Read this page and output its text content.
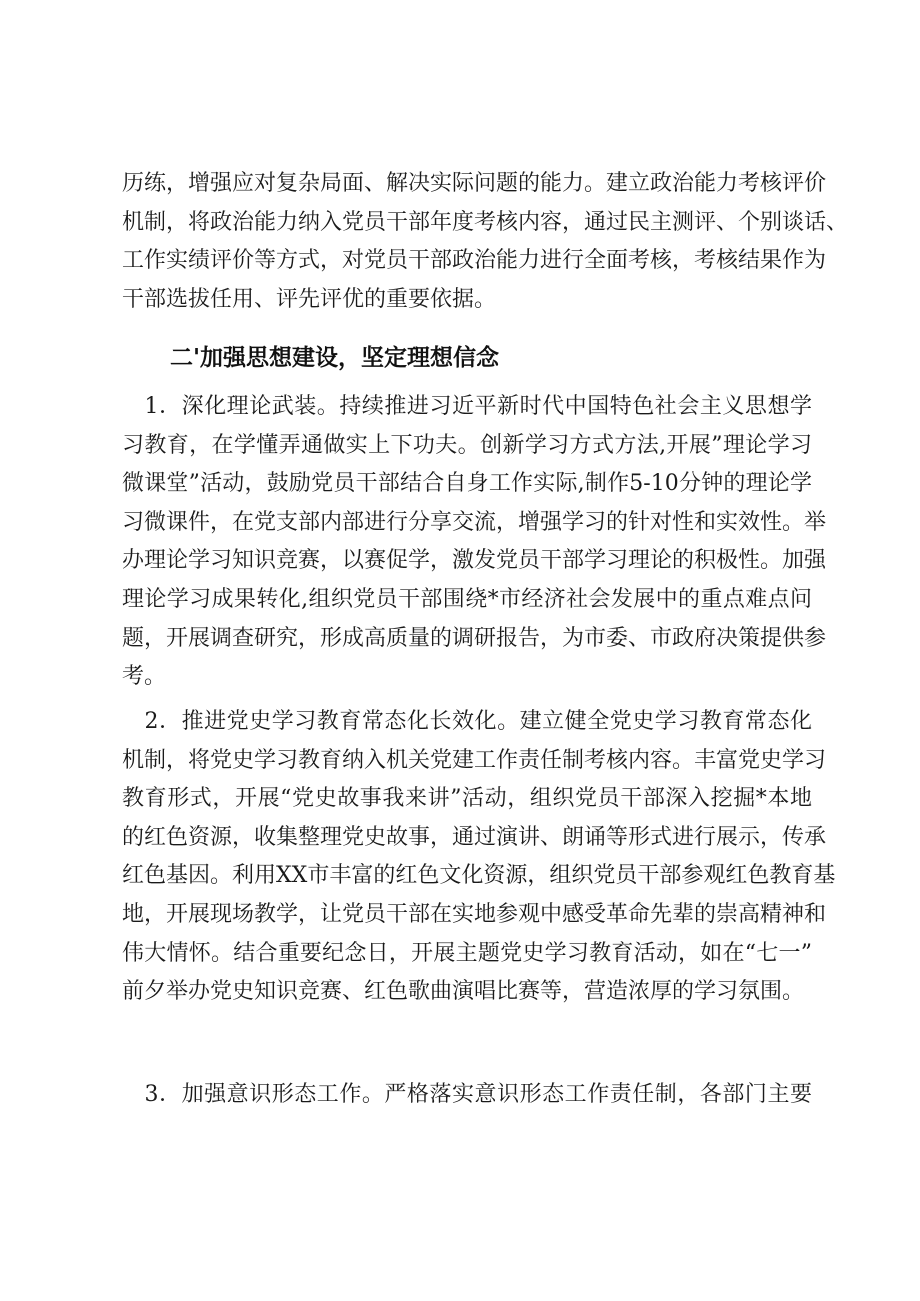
历练，增强应对复杂局面、解决实际问题的能力。建立政治能力考核评价
机制，将政治能力纳入党员干部年度考核内容，通过民主测评、个别谈话、
工作实绩评价等方式，对党员干部政治能力进行全面考核，考核结果作为
干部选拔任用、评先评优的重要依据。
二'加强思想建设，坚定理想信念
　1．深化理论武装。持续推进习近平新时代中国特色社会主义思想学
习教育，在学懂弄通做实上下功夫。创新学习方式方法,开展”理论学习
微课堂”活动，鼓励党员干部结合自身工作实际,制作5-10分钟的理论学
习微课件，在党支部内部进行分享交流，增强学习的针对性和实效性。举
办理论学习知识竞赛，以赛促学，激发党员干部学习理论的积极性。加强
理论学习成果转化,组织党员干部围绕*市经济社会发展中的重点难点问
题，开展调查研究，形成高质量的调研报告，为市委、市政府决策提供参
考。
　2．推进党史学习教育常态化长效化。建立健全党史学习教育常态化
机制，将党史学习教育纳入机关党建工作责任制考核内容。丰富党史学习
教育形式，开展“党史故事我来讲”活动，组织党员干部深入挖掘*本地
的红色资源，收集整理党史故事，通过演讲、朗诵等形式进行展示，传承
红色基因。利用XX市丰富的红色文化资源，组织党员干部参观红色教育基
地，开展现场教学，让党员干部在实地参观中感受革命先辈的崇高精神和
伟大情怀。结合重要纪念日，开展主题党史学习教育活动，如在“七一”
前夕举办党史知识竞赛、红色歌曲演唱比赛等，营造浓厚的学习氛围。
　3．加强意识形态工作。严格落实意识形态工作责任制，各部门主要
